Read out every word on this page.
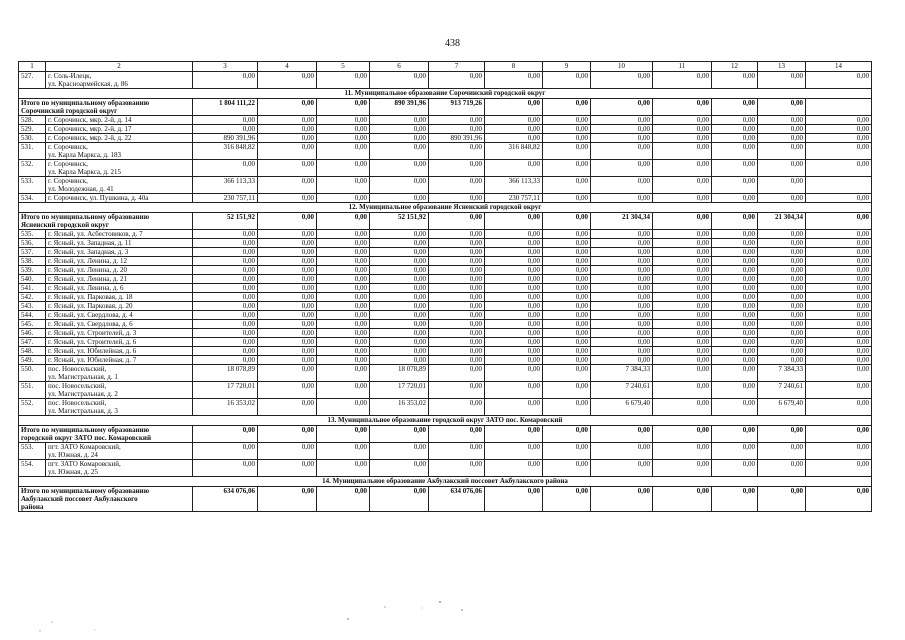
438
1	2	3	4	5	6	7	8	9	10	11	12	13	14
527.	г. Соль-Илецк,
ул. Красноармейская, д. 86	0,00	0,00	0,00	0,00	0,00	0,00	0,00	0,00	0,00	0,00	0,00	0,00
11. Муниципальное образование Сорочинский городской округ													

Итого по муниципальному образованию
Сорочинский городской округ		1 804 111,22	0,00	0,00	890 391,96	913 719,26	0,00	0,00	0,00	0,00	0,00	0,00	
528.	г. Сорочинск, мкр. 2-й, д. 14	0,00	0,00	0,00	0,00	0,00	0,00	0,00	0,00	0,00	0,00	0,00	0,00
529.	г. Сорочинск, мкр. 2-й, д. 17	0,00	0,00	0,00	0,00	0,00	0,00	0,00	0,00	0,00	0,00	0,00	0,00
530.	г. Сорочинск, мкр. 2-й, д. 22	890 391,96	0,00	0,00	0,00	890 391,96	0,00	0,00	0,00	0,00	0,00	0,00	0,00
531.	г. Сорочинск,
ул. Карла Маркса, д. 183	316 848,82	0,00	0,00	0,00	0,00	316 848,82	0,00	0,00	0,00	0,00	0,00	0,00
532.	г. Сорочинск,
ул. Карла Маркса, д. 215	0,00	0,00	0,00	0,00	0,00	0,00	0,00	0,00	0,00	0,00	0,00	0,00
533.	г. Сорочинск,
ул. Молодежная, д. 41	366 113,33	0,00	0,00	0,00	0,00	366 113,33	0,00	0,00	0,00	0,00	0,00	
534.	г. Сорочинск, ул. Пушкина, д. 40а	230 757,11	0,00	0,00	0,00	0,00	230 757,11	0,00	0,00	0,00	0,00	0,00	0,00
12. Муниципальное образование Ясненский городской округ													

Итого по муниципальному образованию
Ясненский городской округ		52 151,92	0,00	0,00	52 151,92	0,00	0,00	0,00	21 304,34	0,00	0,00	21 304,34	0,00
535.	г. Ясный, ул. Асбестовиков, д. 7	0,00	0,00	0,00	0,00	0,00	0,00	0,00	0,00	0,00	0,00	0,00	0,00
536.	г. Ясный, ул. Западная, д. 11	0,00	0,00	0,00	0,00	0,00	0,00	0,00	0,00	0,00	0,00	0,00	0,00
537.	г. Ясный, ул. Западная, д. 3	0,00	0,00	0,00	0,00	0,00	0,00	0,00	0,00	0,00	0,00	0,00	0,00
538.	г. Ясный, ул. Ленина, д. 12	0,00	0,00	0,00	0,00	0,00	0,00	0,00	0,00	0,00	0,00	0,00	0,00
539.	г. Ясный, ул. Ленина, д. 20	0,00	0,00	0,00	0,00	0,00	0,00	0,00	0,00	0,00	0,00	0,00	0,00
540.	г. Ясный, ул. Ленина, д. 21	0,00	0,00	0,00	0,00	0,00	0,00	0,00	0,00	0,00	0,00	0,00	0,00
541.	г. Ясный, ул. Ленина, д. 6	0,00	0,00	0,00	0,00	0,00	0,00	0,00	0,00	0,00	0,00	0,00	0,00
542.	г. Ясный, ул. Парковая, д. 18	0,00	0,00	0,00	0,00	0,00	0,00	0,00	0,00	0,00	0,00	0,00	0,00
543.	г. Ясный, ул. Парковая, д. 20	0,00	0,00	0,00	0,00	0,00	0,00	0,00	0,00	0,00	0,00	0,00	0,00
544.	г. Ясный, ул. Свердлова, д. 4	0,00	0,00	0,00	0,00	0,00	0,00	0,00	0,00	0,00	0,00	0,00	0,00
545.	г. Ясный, ул. Свердлова, д. 6	0,00	0,00	0,00	0,00	0,00	0,00	0,00	0,00	0,00	0,00	0,00	0,00
546.	г. Ясный, ул. Строителей, д. 3	0,00	0,00	0,00	0,00	0,00	0,00	0,00	0,00	0,00	0,00	0,00	0,00
547.	г. Ясный, ул. Строителей, д. 6	0,00	0,00	0,00	0,00	0,00	0,00	0,00	0,00	0,00	0,00	0,00	0,00
548.	г. Ясный, ул. Юбилейная, д. 6	0,00	0,00	0,00	0,00	0,00	0,00	0,00	0,00	0,00	0,00	0,00	0,00
549.	г. Ясный, ул. Юбилейная, д. 7	0,00	0,00	0,00	0,00	0,00	0,00	0,00	0,00	0,00	0,00	0,00	0,00
550.	пос. Новосельский,
ул. Магистральная, д. 1	18 078,89	0,00	0,00	18 078,89	0,00	0,00	0,00	7 384,33	0,00	0,00	7 384,33	0,00
551.	пос. Новосельский,
ул. Магистральная, д. 2	17 720,01	0,00	0,00	17 720,01	0,00	0,00	0,00	7 240,61	0,00	0,00	7 240,61	0,00
552.	пос. Новосельский,
ул. Магистральная, д. 3	16 353,02	0,00	0,00	16 353,02	0,00	0,00	0,00	6 679,40	0,00	0,00	6 679,40	0,00
13. Муниципальное образование городской округ ЗАТО пос. Комаровский													

Итого по муниципальному образованию
городской округ ЗАТО пос. Комаровский		0,00	0,00	0,00	0,00	0,00	0,00	0,00	0,00	0,00	0,00	0,00	0,00
553.	пгт. ЗАТО Комаровский,
ул. Южная, д. 24	0,00	0,00	0,00	0,00	0,00	0,00	0,00	0,00	0,00	0,00	0,00	0,00
554.	пгт. ЗАТО Комаровский,
ул. Южная, д. 25	0,00	0,00	0,00	0,00	0,00	0,00	0,00	0,00	0,00	0,00	0,00	0,00
14. Муниципальное образование Акбулакский поссовет Акбулакского района													

Итого по муниципальному образованию
Акбулакский поссовет Акбулакского
района		634 076,06	0,00	0,00	0,00	634 076,06	0,00	0,00	0,00	0,00	0,00	0,00	0,00
